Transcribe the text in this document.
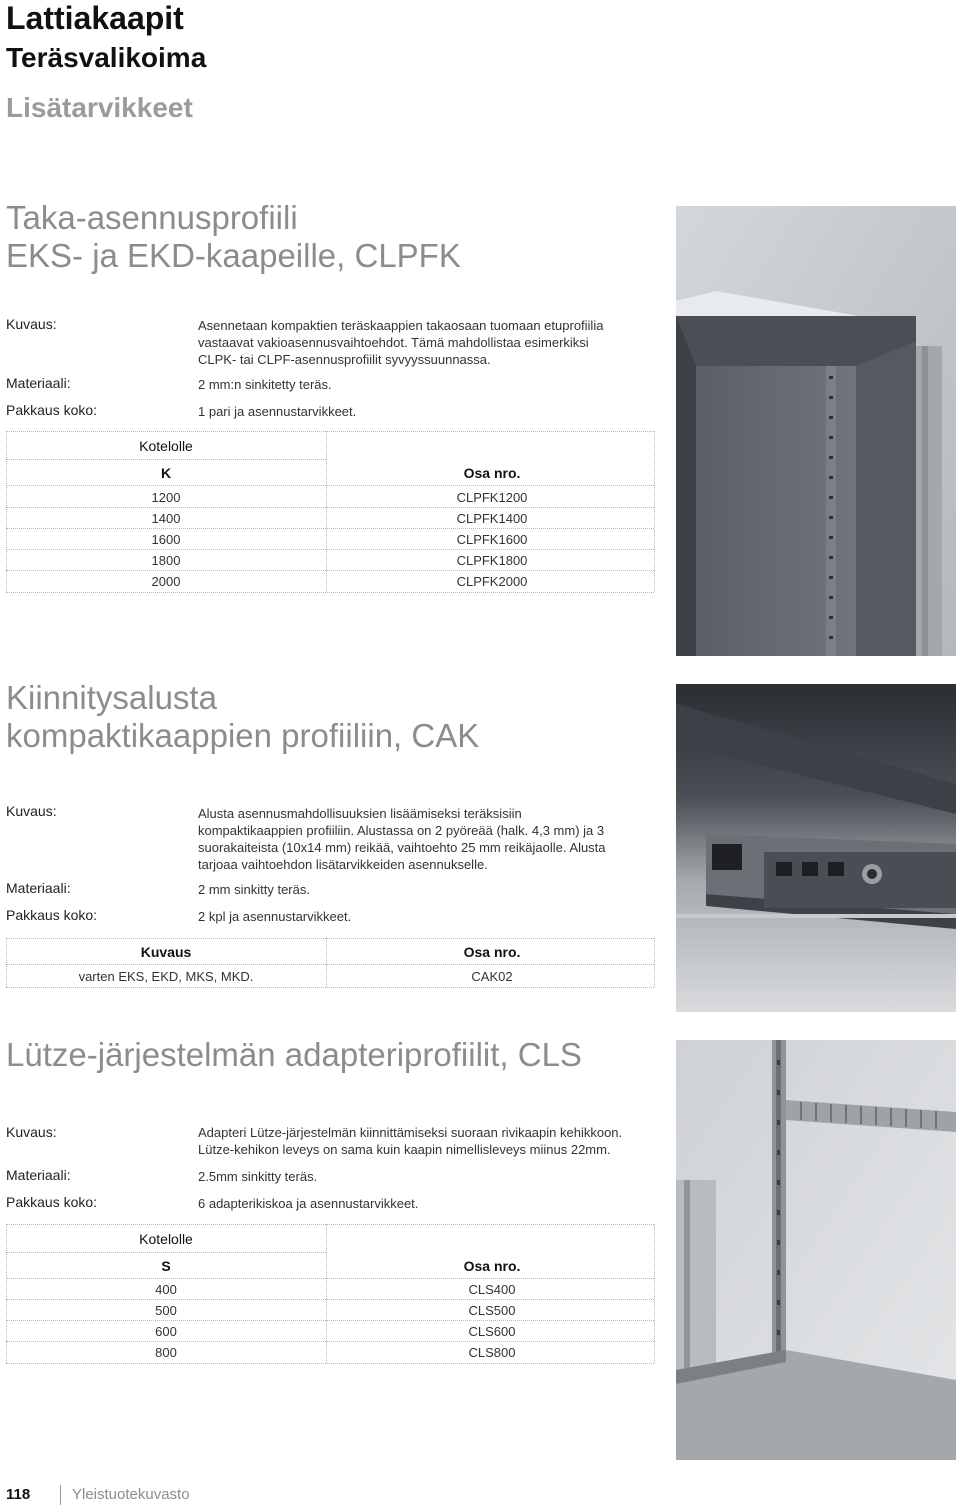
Lattiakaapit
Teräsvalikoima
Lisätarvikkeet
Taka-asennusprofiili
EKS- ja EKD-kaapeille, CLPFK
Kuvaus:	Asennetaan kompaktien teräskaappien takaosaan tuomaan etuprofiilia
vastaavat vakioasennusvaihtoehdot. Tämä mahdollistaa esimerkiksi
CLPK- tai CLPF-asennusprofiilit syvyyssuunnassa.
Materiaali:	2 mm:n sinkitetty teräs.
Pakkaus koko:	1 pari ja asennustarvikkeet.
Kotelolle
K	Osa nro.
1200	CLPFK1200
1400	CLPFK1400
1600	CLPFK1600
1800	CLPFK1800
2000	CLPFK2000
Kiinnitysalusta
kompaktikaappien profiiliin, CAK
Kuvaus:	Alusta asennusmahdollisuuksien lisäämiseksi teräksisiin
kompaktikaappien profiiliin. Alustassa on 2 pyöreää (halk. 4,3 mm) ja 3
suorakaiteista (10x14 mm) reikää, vaihtoehto 25 mm reikäjaolle. Alusta
tarjoaa vaihtoehdon lisätarvikkeiden asennukselle.
Materiaali:	2 mm sinkitty teräs.
Pakkaus koko:	2 kpl ja asennustarvikkeet.
Kuvaus	Osa nro.
varten EKS, EKD, MKS, MKD.	CAK02
Lütze-järjestelmän adapteriprofiilit, CLS
Kuvaus:	Adapteri Lütze-järjestelmän kiinnittämiseksi suoraan rivikaapin kehikkoon.
Lütze-kehikon leveys on sama kuin kaapin nimellisleveys miinus 22mm.
Materiaali:	2.5mm sinkitty teräs.
Pakkaus koko:	6 adapterikiskoa ja asennustarvikkeet.
Kotelolle
S	Osa nro.
400	CLS400
500	CLS500
600	CLS600
800	CLS800
118	Yleistuotekuvasto
